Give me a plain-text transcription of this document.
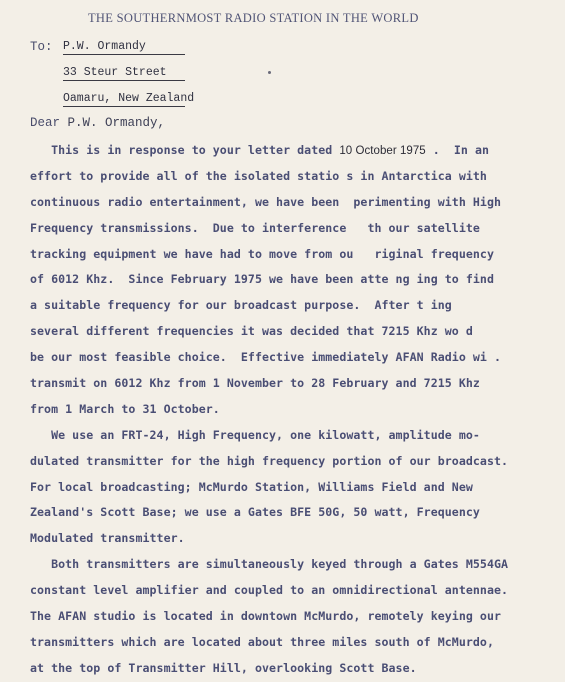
THE SOUTHERNMOST RADIO STATION IN THE WORLD
To: P.W. Ormandy
33 Steur Street
Oamaru, New Zealand
Dear P.W. Ormandy,
This is in response to your letter dated 10 October 1975 .  In an
effort to provide all of the isolated statio s in Antarctica with
continuous radio entertainment, we have been  perimenting with High
Frequency transmissions.  Due to interference   th our satellite
tracking equipment we have had to move from ou   riginal frequency
of 6012 Khz.  Since February 1975 we have been atte ng ing to find
a suitable frequency for our broadcast purpose.  After t ing
several different frequencies it was decided that 7215 Khz wo d
be our most feasible choice.  Effective immediately AFAN Radio wi .
transmit on 6012 Khz from 1 November to 28 February and 7215 Khz
from 1 March to 31 October.
We use an FRT-24, High Frequency, one kilowatt, amplitude mo-
dulated transmitter for the high frequency portion of our broadcast.
For local broadcasting; McMurdo Station, Williams Field and New
Zealand's Scott Base; we use a Gates BFE 50G, 50 watt, Frequency
Modulated transmitter.
Both transmitters are simultaneously keyed through a Gates M554GA
constant level amplifier and coupled to an omnidirectional antennae.
The AFAN studio is located in downtown McMurdo, remotely keying our
transmitters which are located about three miles south of McMurdo,
at the top of Transmitter Hill, overlooking Scott Base.
